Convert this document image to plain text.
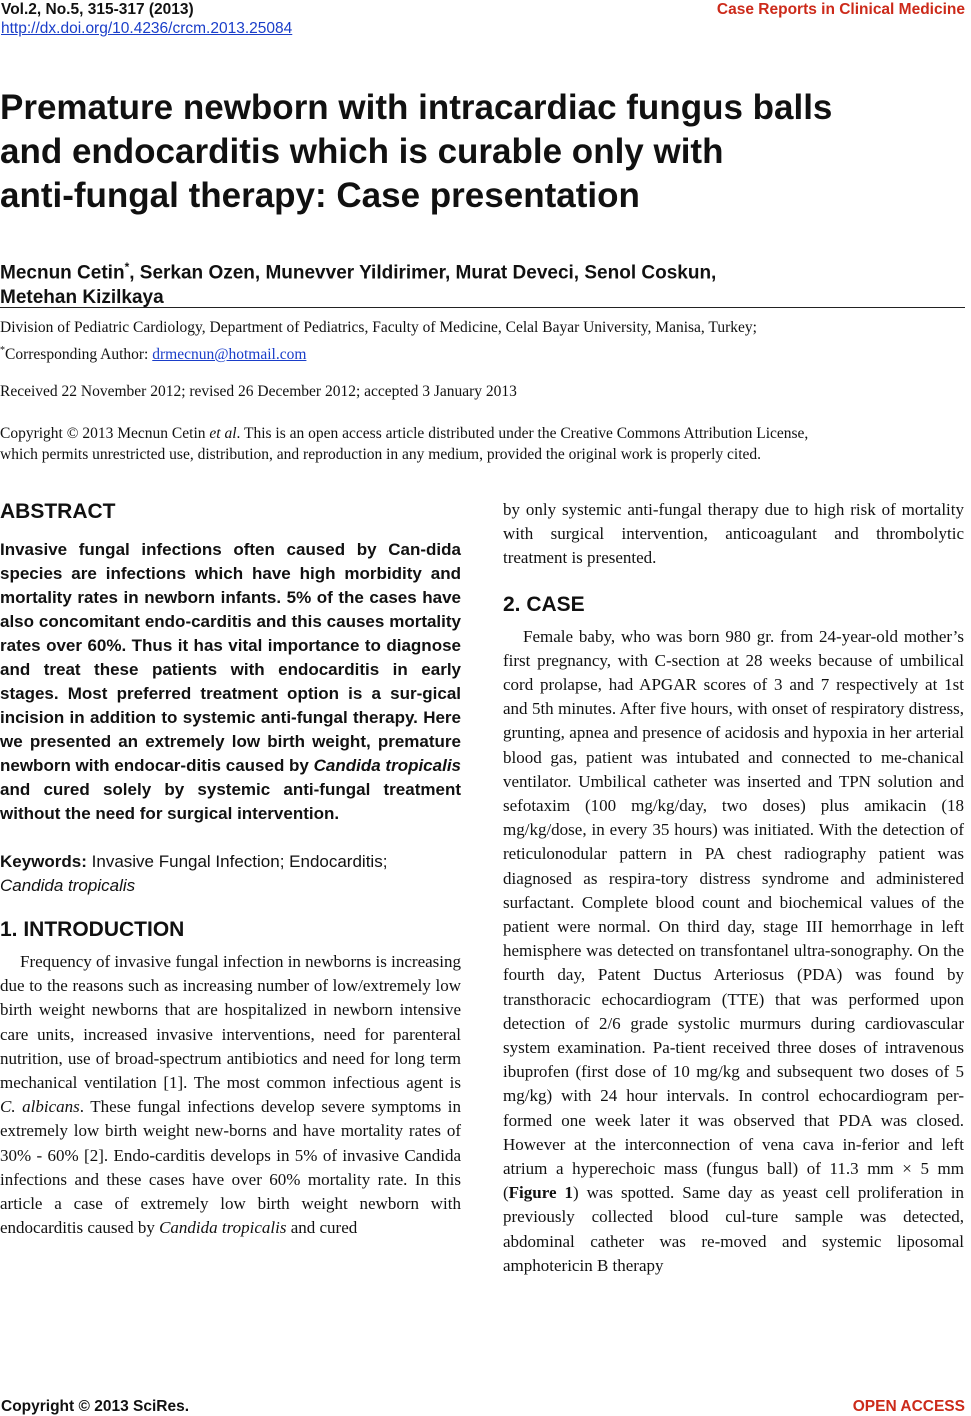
Vol.2, No.5, 315-317 (2013)
http://dx.doi.org/10.4236/crcm.2013.25084
Case Reports in Clinical Medicine
Premature newborn with intracardiac fungus balls
and endocarditis which is curable only with
anti-fungal therapy: Case presentation
Mecnun Cetin*, Serkan Ozen, Munevver Yildirimer, Murat Deveci, Senol Coskun,
Metehan Kizilkaya
Division of Pediatric Cardiology, Department of Pediatrics, Faculty of Medicine, Celal Bayar University, Manisa, Turkey;
*Corresponding Author: drmecnun@hotmail.com
Received 22 November 2012; revised 26 December 2012; accepted 3 January 2013

Copyright © 2013 Mecnun Cetin et al. This is an open access article distributed under the Creative Commons Attribution License,

which permits unrestricted use, distribution, and reproduction in any medium, provided the original work is properly cited.

ABSTRACT

Invasive fungal infections often caused by Can-dida species are infections which have high morbidity and mortality rates in newborn infants. 5% of the cases have also concomitant endo-carditis and this causes mortality rates over 60%. Thus it has vital importance to diagnose and treat these patients with endocarditis in early stages. Most preferred treatment option is a sur-gical incision in addition to systemic anti-fungal therapy. Here we presented an extremely low birth weight, premature newborn with endocar-ditis caused by Candida tropicalis and cured solely by systemic anti-fungal treatment without the need for surgical intervention.

Keywords: Invasive Fungal Infection; Endocarditis;
Candida tropicalis

1. INTRODUCTION

Frequency of invasive fungal infection in newborns is increasing due to the reasons such as increasing number of low/extremely low birth weight newborns that are hospitalized in newborn intensive care units, increased invasive interventions, need for parenteral nutrition, use of broad-spectrum antibiotics and need for long term mechanical ventilation [1]. The most common infectious agent is C. albicans. These fungal infections develop severe symptoms in extremely low birth weight new-borns and have mortality rates of 30% - 60% [2]. Endo-carditis develops in 5% of invasive Candida infections and these cases have over 60% mortality rate. In this article a case of extremely low birth weight newborn with endocarditis caused by Candida tropicalis and cured

by only systemic anti-fungal therapy due to high risk of mortality with surgical intervention, anticoagulant and thrombolytic treatment is presented.

2. CASE

Female baby, who was born 980 gr. from 24-year-old mother’s first pregnancy, with C-section at 28 weeks because of umbilical cord prolapse, had APGAR scores of 3 and 7 respectively at 1st and 5th minutes. After five hours, with onset of respiratory distress, grunting, apnea and presence of acidosis and hypoxia in her arterial blood gas, patient was intubated and connected to me-chanical ventilator. Umbilical catheter was inserted and TPN solution and sefotaxim (100 mg/kg/day, two doses) plus amikacin (18 mg/kg/dose, in every 35 hours) was initiated. With the detection of reticulonodular pattern in PA chest radiography patient was diagnosed as respira-tory distress syndrome and administered surfactant. Complete blood count and biochemical values of the patient were normal. On third day, stage III hemorrhage in left hemisphere was detected on transfontanel ultra-sonography. On the fourth day, Patent Ductus Arteriosus (PDA) was found by transthoracic echocardiogram (TTE) that was performed upon detection of 2/6 grade systolic murmurs during cardiovascular system examination. Pa-tient received three doses of intravenous ibuprofen (first dose of 10 mg/kg and subsequent two doses of 5 mg/kg) with 24 hour intervals. In control echocardiogram per-formed one week later it was observed that PDA was closed. However at the interconnection of vena cava in-ferior and left atrium a hyperechoic mass (fungus ball) of 11.3 mm × 5 mm (Figure 1) was spotted. Same day as yeast cell proliferation in previously collected blood cul-ture sample was detected, abdominal catheter was re-moved and systemic liposomal amphotericin B therapy

Copyright © 2013 SciRes.	OPEN ACCESS
